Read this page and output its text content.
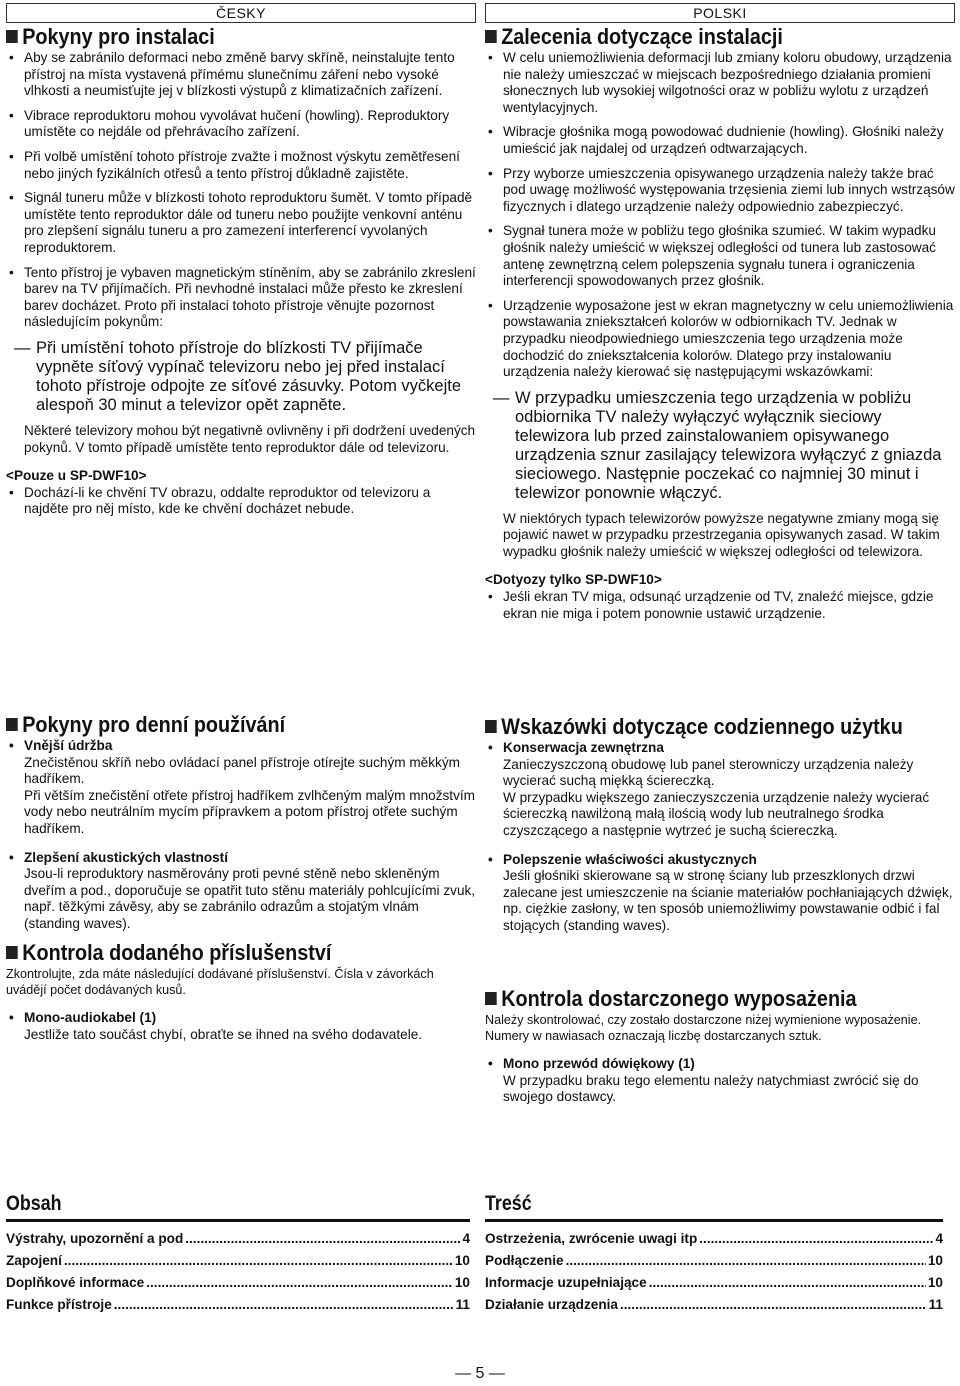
ČESKY
Pokyny pro instalaci
• Aby se zabránilo deformaci nebo změně barvy skříně, neinstalujte tento přístroj na místa vystavená přímému slunečnímu záření nebo vysoké vlhkosti a neumisťujte jej v blízkosti výstupů z klimatizačních zařízení.
• Vibrace reproduktoru mohou vyvolávat hučení (howling). Reproduktory umístěte co nejdále od přehrávacího zařízení.
• Při volbě umístění tohoto přístroje zvažte i možnost výskytu zemětřesení nebo jiných fyzikálních otřesů a tento přístroj důkladně zajistěte.
• Signál tuneru může v blízkosti tohoto reproduktoru šumět. V tomto případě umístěte tento reproduktor dále od tuneru nebo použijte venkovní anténu pro zlepšení signálu tuneru a pro zamezení interferencí vyvolaných reproduktorem.
• Tento přístroj je vybaven magnetickým stíněním, aby se zabránilo zkreslení barev na TV přijímačích. Při nevhodné instalaci může přesto ke zkreslení barev docházet. Proto při instalaci tohoto přístroje věnujte pozornost následujícím pokynům:
— Při umístění tohoto přístroje do blízkosti TV přijímače vypněte síťový vypínač televizoru nebo jej před instalací tohoto přístroje odpojte ze síťové zásuvky. Potom vyčkejte alespoň 30 minut a televizor opět zapněte.

Některé televizory mohou být negativně ovlivněny i při dodržení uvedených pokynů. V tomto případě umístěte tento reproduktor dále od televizoru.

<Pouze u SP-DWF10>

• Dochází-li ke chvění TV obrazu, oddalte reproduktor od televizoru a najděte pro něj místo, kde ke chvění docházet nebude.
Pokyny pro denní používání
• Vnější údržba

Znečistěnou skříň nebo ovládací panel přístroje otírejte suchým měkkým hadříkem.

Při větším znečistění otřete přístroj hadříkem zvlhčeným malým množstvím vody nebo neutrálním mycím přípravkem a potom přístroj otřete suchým hadříkem.

• Zlepšení akustických vlastností

Jsou-li reproduktory nasměrovány proti pevné stěně nebo skleněným dveřím a pod., doporučuje se opatřit tuto stěnu materiály pohlcujícími zvuk, např. těžkými závěsy, aby se zabránilo odrazům a stojatým vlnám (standing waves).

Kontrola dodaného příslušenství

Zkontrolujte, zda máte následující dodávané příslušenství. Čísla v závorkách uvádějí počet dodávaných kusů.

• Mono-audiokabel (1)

Jestliže tato součást chybí, obraťte se ihned na svého dodavatele.

Obsah
Výstrahy, upozornění a pod .....	4
Zapojení .....	10
Doplňkové informace .....	10
Funkce přístroje .....	11
POLSKI
Zalecenia dotyczące instalacji
• W celu uniemożliwienia deformacji lub zmiany koloru obudowy, urządzenia nie należy umieszczać w miejscach bezpośredniego działania promieni słonecznych lub wysokiej wilgotności oraz w pobliżu wylotu z urządzeń wentylacyjnych.
• Wibracje głośnika mogą powodować dudnienie (howling). Głośniki należy umieścić jak najdalej od urządzeń odtwarzających.
• Przy wyborze umieszczenia opisywanego urządzenia należy także brać pod uwagę możliwość występowania trzęsienia ziemi lub innych wstrząsów fizycznych i dlatego urządzenie należy odpowiednio zabezpieczyć.
• Sygnał tunera może w pobliżu tego głośnika szumieć. W takim wypadku głośnik należy umieścić w większej odległości od tunera lub zastosować antenę zewnętrzną celem polepszenia sygnału tunera i ograniczenia interferencji spowodowanych przez głośnik.
• Urządzenie wyposażone jest w ekran magnetyczny w celu uniemożliwienia powstawania zniekształceń kolorów w odbiornikach TV. Jednak w przypadku nieodpowiedniego umieszczenia tego urządzenia może dochodzić do zniekształcenia kolorów. Dlatego przy instalowaniu urządzenia należy kierować się następującymi wskazówkami:
— W przypadku umieszczenia tego urządzenia w pobliżu odbiornika TV należy wyłączyć wyłącznik sieciowy telewizora lub przed zainstalowaniem opisywanego urządzenia sznur zasilający telewizora wyłączyć z gniazda sieciowego. Następnie poczekać co najmniej 30 minut i telewizor ponownie włączyć.

W niektórych typach telewizorów powyższe negatywne zmiany mogą się pojawić nawet w przypadku przestrzegania opisywanych zasad. W takim wypadku głośnik należy umieścić w większej odległości od telewizora.

<Dotyozy tylko SP-DWF10>

• Jeśli ekran TV miga, odsunąć urządzenie od TV, znaleźć miejsce, gdzie ekran nie miga i potem ponownie ustawić urządzenie.
Wskazówki dotyczące codziennego użytku
• Konserwacja zewnętrzna

Zanieczyszczoną obudowę lub panel sterowniczy urządzenia należy wycierać suchą miękką ściereczką.

W przypadku większego zanieczyszczenia urządzenie należy wycierać ściereczką nawilżoną małą ilością wody lub neutralnego środka czyszczącego a następnie wytrzeć je suchą ściereczką.

• Polepszenie właściwości akustycznych

Jeśli głośniki skierowane są w stronę ściany lub przeszklonych drzwi zalecane jest umieszczenie na ścianie materiałów pochłaniających dźwięk, np. ciężkie zasłony, w ten sposób uniemożliwimy powstawanie odbić i fal stojących (standing waves).

Kontrola dostarczonego wyposażenia

Należy skontrolować, czy zostało dostarczone niżej wymienione wyposażenie. Numery w nawiasach oznaczają liczbę dostarczanych sztuk.

• Mono przewód dówiękowy (1)

W przypadku braku tego elementu należy natychmiast zwrócić się do swojego dostawcy.

Treść
Ostrzeżenia, zwrócenie uwagi itp .....	4
Podłączenie .....	10
Informacje uzupełniające .....	10
Działanie urządzenia .....	11
— 5 —
